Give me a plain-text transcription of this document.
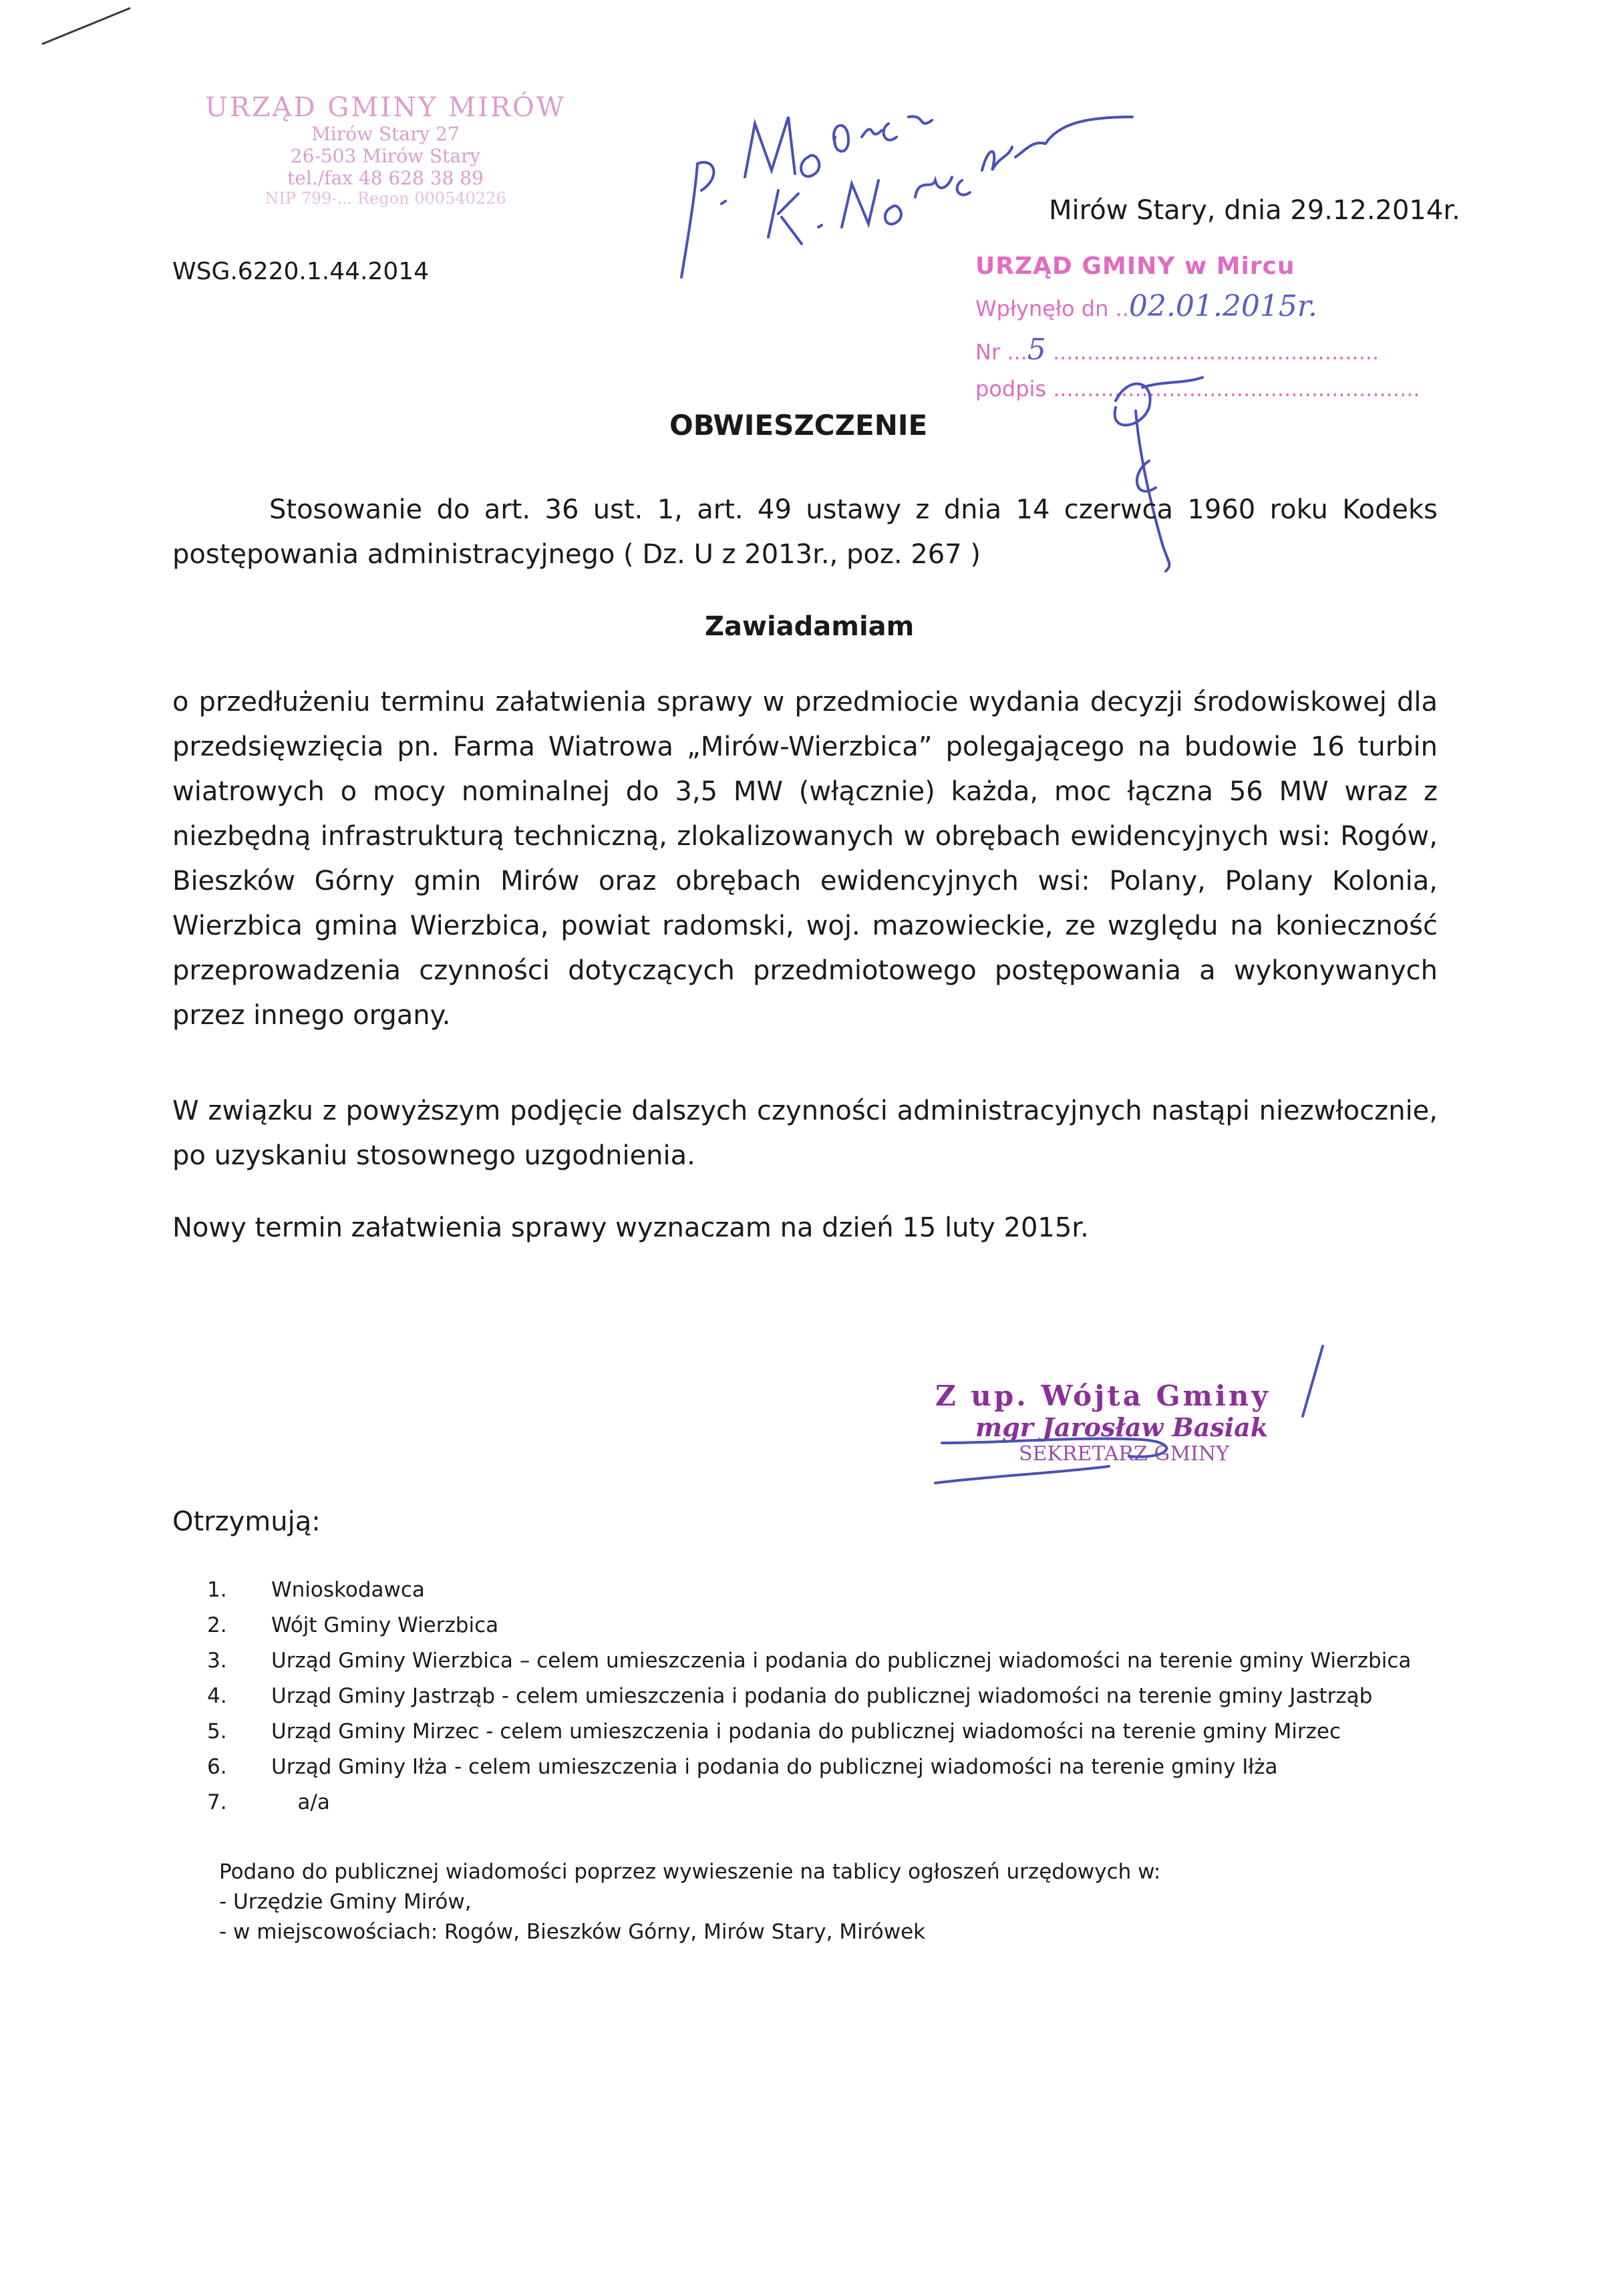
URZĄD GMINY MIRÓW
Mirów Stary 27
26-503 Mirów Stary
tel./fax 48 628 38 89
NIP 799-... Regon 000540226
WSG.6220.1.44.2014
Mirów Stary, dnia 29.12.2014r.
URZĄD GMINY w Mircu
Wpłynęło dn ..02.01.2015r.
Nr ...5 ................................................
podpis ......................................................
OBWIESZCZENIE
Stosowanie do art. 36 ust. 1, art. 49 ustawy z dnia 14 czerwca 1960 roku Kodeks postępowania administracyjnego ( Dz. U z 2013r., poz. 267 )
Zawiadamiam
o przedłużeniu terminu załatwienia sprawy w przedmiocie wydania decyzji środowiskowej dla przedsięwzięcia pn. Farma Wiatrowa „Mirów-Wierzbica” polegającego na budowie 16 turbin wiatrowych o mocy nominalnej do 3,5 MW (włącznie) każda, moc łączna 56 MW wraz z niezbędną infrastrukturą techniczną, zlokalizowanych w obrębach ewidencyjnych wsi: Rogów, Bieszków Górny gmin Mirów oraz obrębach ewidencyjnych wsi: Polany, Polany Kolonia, Wierzbica gmina Wierzbica, powiat radomski, woj. mazowieckie, ze względu na konieczność przeprowadzenia czynności dotyczących przedmiotowego postępowania a wykonywanych przez innego organy.
W związku z powyższym podjęcie dalszych czynności administracyjnych nastąpi niezwłocznie, po uzyskaniu stosownego uzgodnienia.
Nowy termin załatwienia sprawy wyznaczam na dzień 15 luty 2015r.
Z up. Wójta Gminy
mgr Jarosław Basiak
SEKRETARZ GMINY
Otrzymują:
1. Wnioskodawca
2. Wójt Gminy Wierzbica
3. Urząd Gminy Wierzbica – celem umieszczenia i podania do publicznej wiadomości na terenie gminy Wierzbica
4. Urząd Gminy Jastrząb - celem umieszczenia i podania do publicznej wiadomości na terenie gminy Jastrząb
5. Urząd Gminy Mirzec - celem umieszczenia i podania do publicznej wiadomości na terenie gminy Mirzec
6. Urząd Gminy Iłża - celem umieszczenia i podania do publicznej wiadomości na terenie gminy Iłża
7.    a/a
Podano do publicznej wiadomości poprzez wywieszenie na tablicy ogłoszeń urzędowych w:
- Urzędzie Gminy Mirów,
- w miejscowościach: Rogów, Bieszków Górny, Mirów Stary, Mirówek
